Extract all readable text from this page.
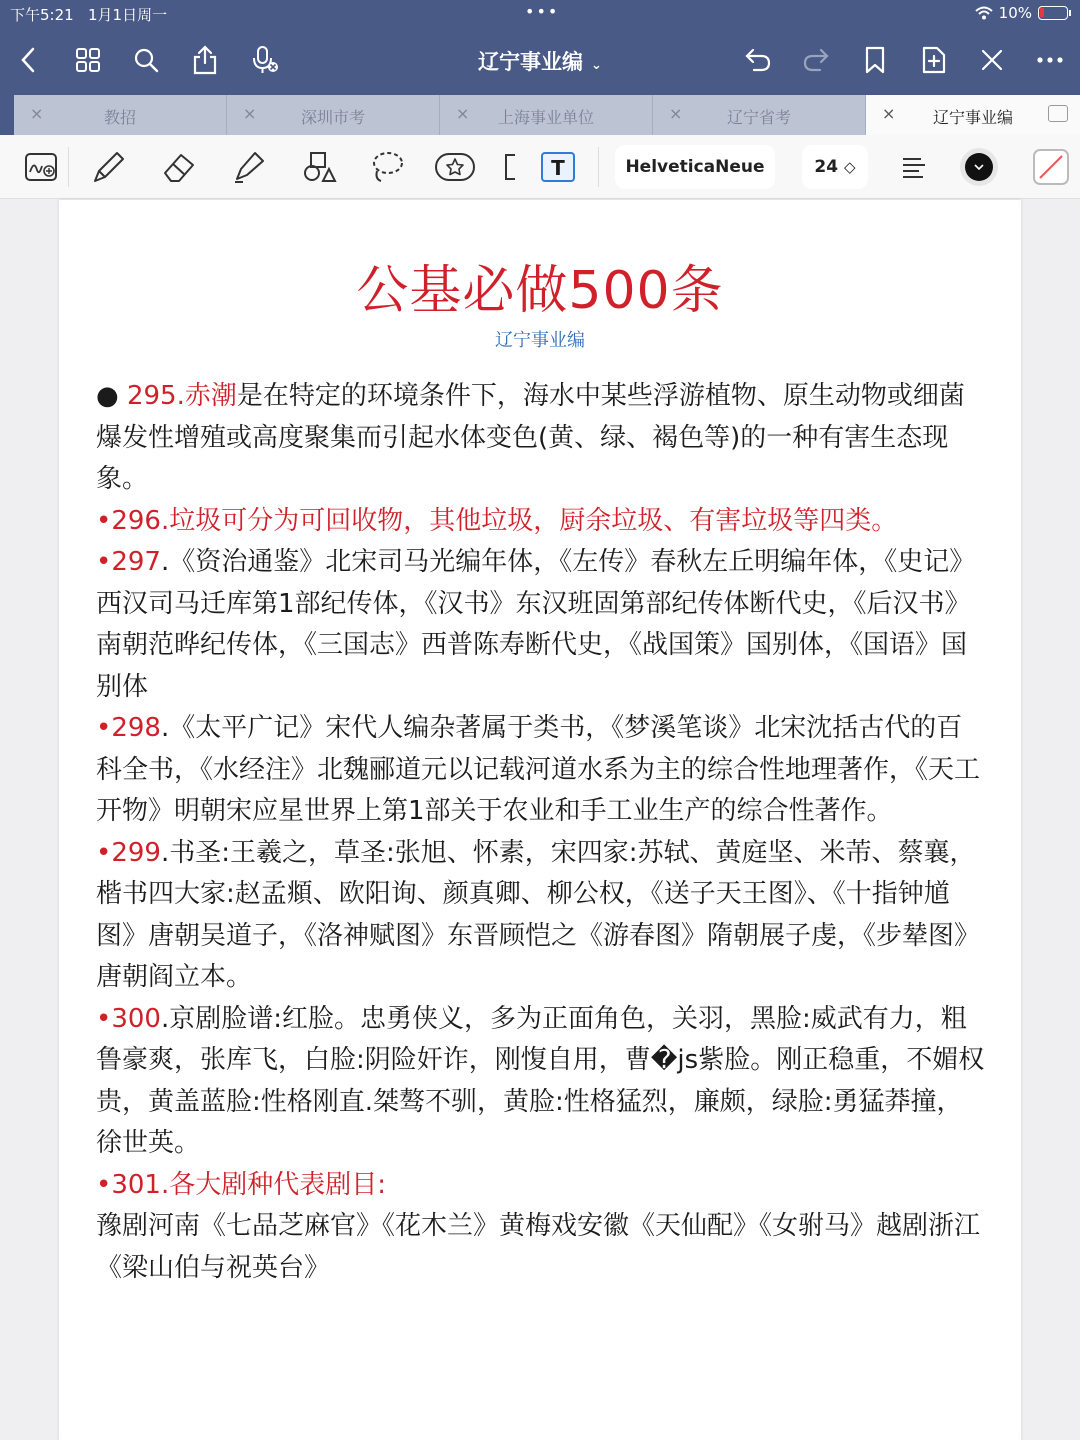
下午5:21 1月1日周一	•••	10%
辽宁事业编 ⌄
×	教招	×	深圳市考	×	上海事业单位	×	辽宁省考	×	辽宁事业编
T	HelveticaNeue	24 ◇
公基必做500条
辽宁事业编

● 295.赤潮是在特定的环境条件下，海水中某些浮游植物、原生动物或细菌爆发性增殖或高度聚集而引起水体变色(黄、绿、褐色等)的一种有害生态现象。

•296.垃圾可分为可回收物，其他垃圾，厨余垃圾、有害垃圾等四类。

•297.《资治通鉴》北宋司马光编年体，《左传》春秋左丘明编年体，《史记》西汉司马迁库第1部纪传体，《汉书》东汉班固第部纪传体断代史，《后汉书》南朝范晔纪传体，《三国志》西普陈寿断代史，《战国策》国别体，《国语》国别体

•298.《太平广记》宋代人编杂著属于类书，《梦溪笔谈》北宋沈括古代的百科全书，《水经注》北魏郦道元以记载河道水系为主的综合性地理著作，《天工开物》明朝宋应星世界上第1部关于农业和手工业生产的综合性著作。

•299.书圣:王羲之，草圣:张旭、怀素，宋四家:苏轼、黄庭坚、米芾、蔡襄，楷书四大家:赵孟頫、欧阳询、颜真卿、柳公权，《送子天王图》、《十指钟馗图》唐朝吴道子，《洛神赋图》东晋顾恺之《游春图》隋朝展子虔，《步辇图》唐朝阎立本。

•300.京剧脸谱:红脸。忠勇侠义，多为正面角色，关羽，黑脸:威武有力，粗鲁豪爽，张库飞，白脸:阴险奸诈，刚愎自用，曹�js紫脸。刚正稳重，不媚权贵，黄盖蓝脸:性格刚直.桀骜不驯，黄脸:性格猛烈，廉颇，绿脸:勇猛莽撞，徐世英。

•301.各大剧种代表剧目:

豫剧河南《七品芝麻官》《花木兰》黄梅戏安徽《天仙配》《女驸马》越剧浙江《梁山伯与祝英台》
